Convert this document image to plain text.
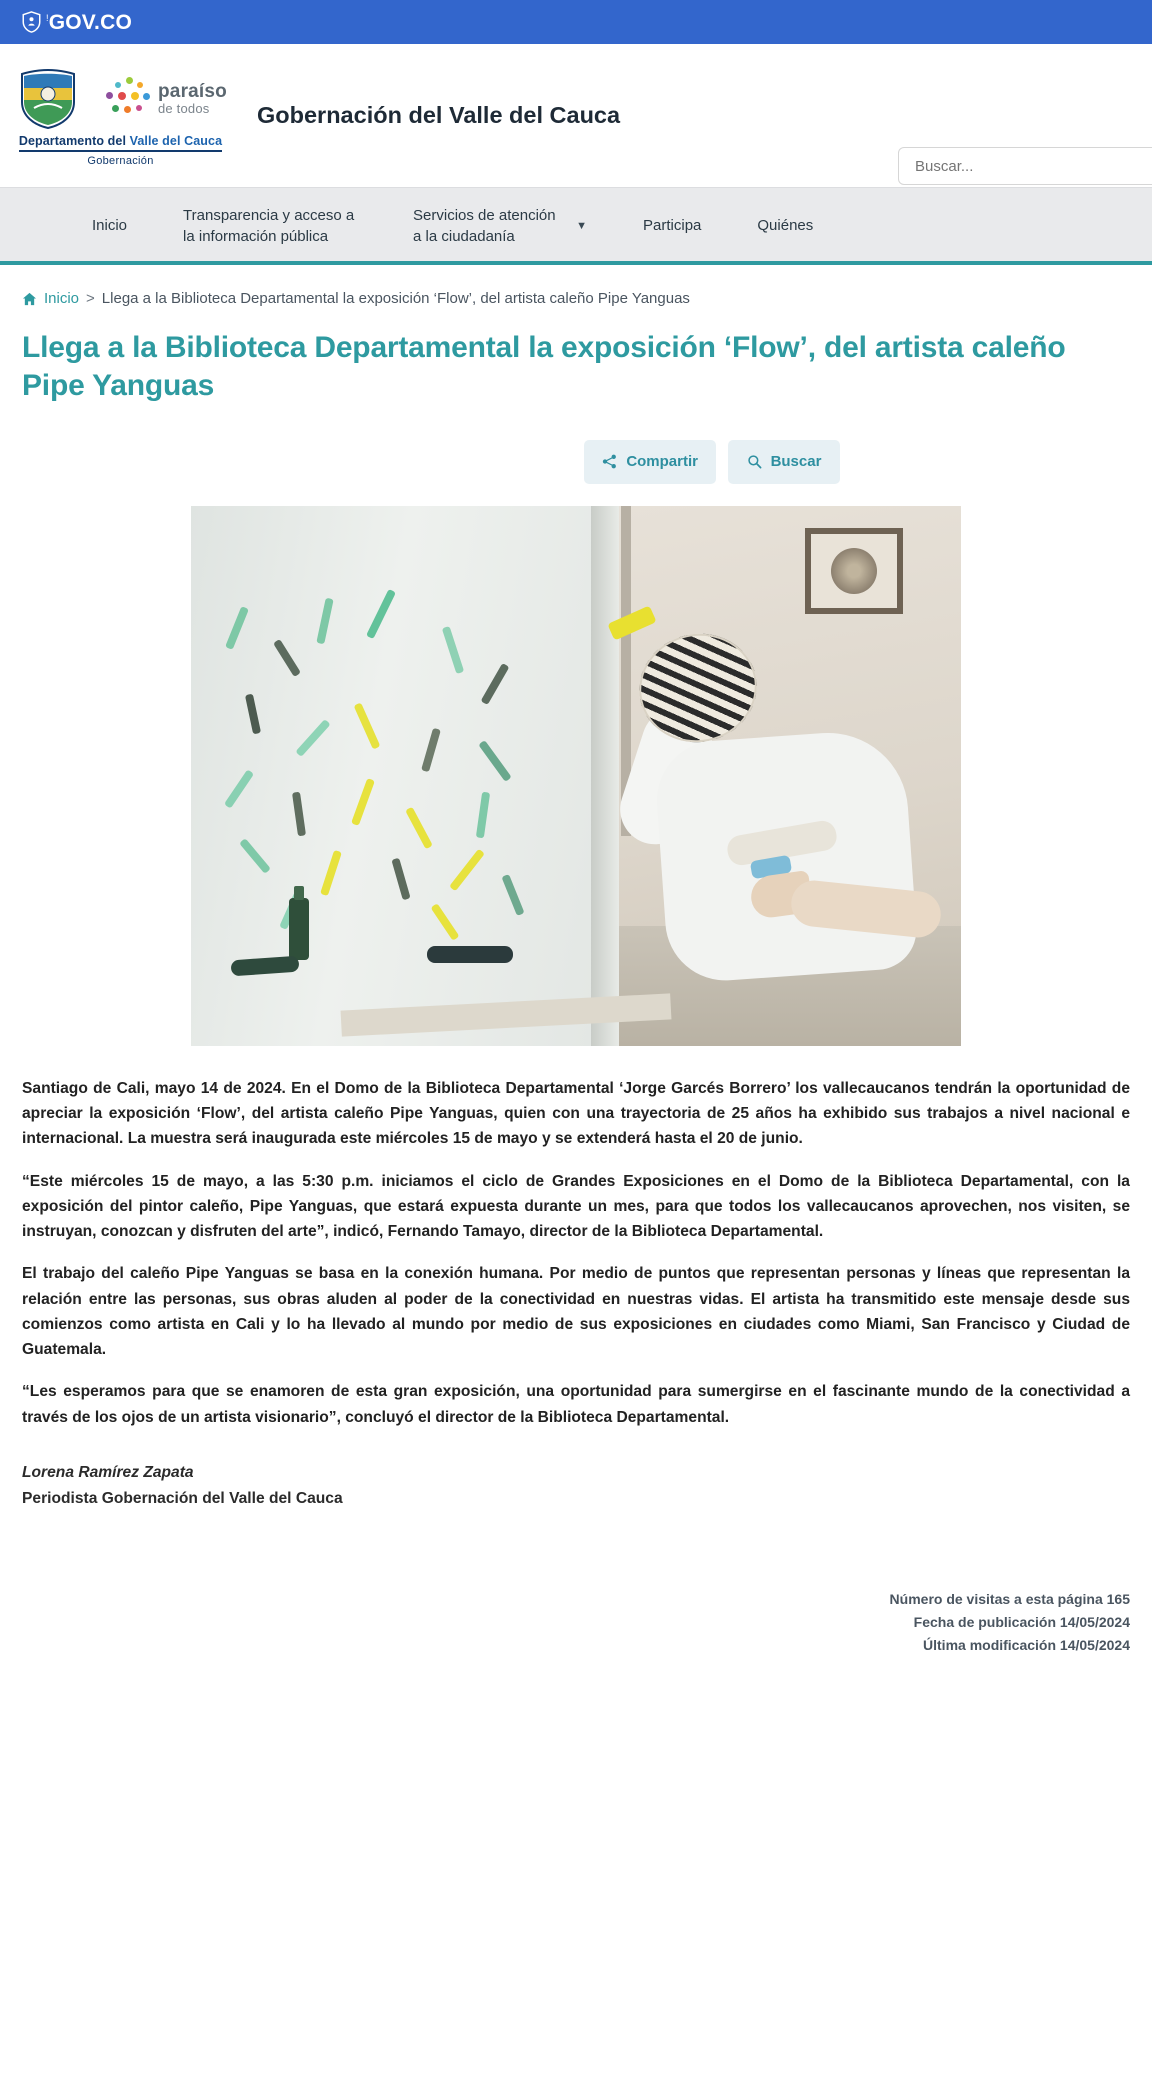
!GOV.CO
paraíso
de todos
Departamento del Valle del Cauca
Gobernación
Gobernación del Valle del Cauca
Buscar...
Inicio
Transparencia y acceso a la información pública
Servicios de atención a la ciudadanía
▼	Participa	Quiénes
Inicio > Llega a la Biblioteca Departamental la exposición ‘Flow’, del artista caleño Pipe Yanguas
Llega a la Biblioteca Departamental la exposición ‘Flow’, del artista caleño Pipe Yanguas
Compartir	Buscar

Santiago de Cali, mayo 14 de 2024. En el Domo de la Biblioteca Departamental ‘Jorge Garcés Borrero’ los vallecaucanos tendrán la oportunidad de apreciar la exposición ‘Flow’, del artista caleño Pipe Yanguas, quien con una trayectoria de 25 años ha exhibido sus trabajos a nivel nacional e internacional. La muestra será inaugurada este miércoles 15 de mayo y se extenderá hasta el 20 de junio.

“Este miércoles 15 de mayo, a las 5:30 p.m. iniciamos el ciclo de Grandes Exposiciones en el Domo de la Biblioteca Departamental, con la exposición del pintor caleño, Pipe Yanguas, que estará expuesta durante un mes, para que todos los vallecaucanos aprovechen, nos visiten, se instruyan, conozcan y disfruten del arte”, indicó, Fernando Tamayo, director de la Biblioteca Departamental.

El trabajo del caleño Pipe Yanguas se basa en la conexión humana. Por medio de puntos que representan personas y líneas que representan la relación entre las personas, sus obras aluden al poder de la conectividad en nuestras vidas. El artista ha transmitido este mensaje desde sus comienzos como artista en Cali y lo ha llevado al mundo por medio de sus exposiciones en ciudades como Miami, San Francisco y Ciudad de Guatemala.

“Les esperamos para que se enamoren de esta gran exposición, una oportunidad para sumergirse en el fascinante mundo de la conectividad a través de los ojos de un artista visionario”, concluyó el director de la Biblioteca Departamental.

Lorena Ramírez Zapata
Periodista Gobernación del Valle del Cauca
Número de visitas a esta página 165
Fecha de publicación 14/05/2024
Última modificación 14/05/2024
